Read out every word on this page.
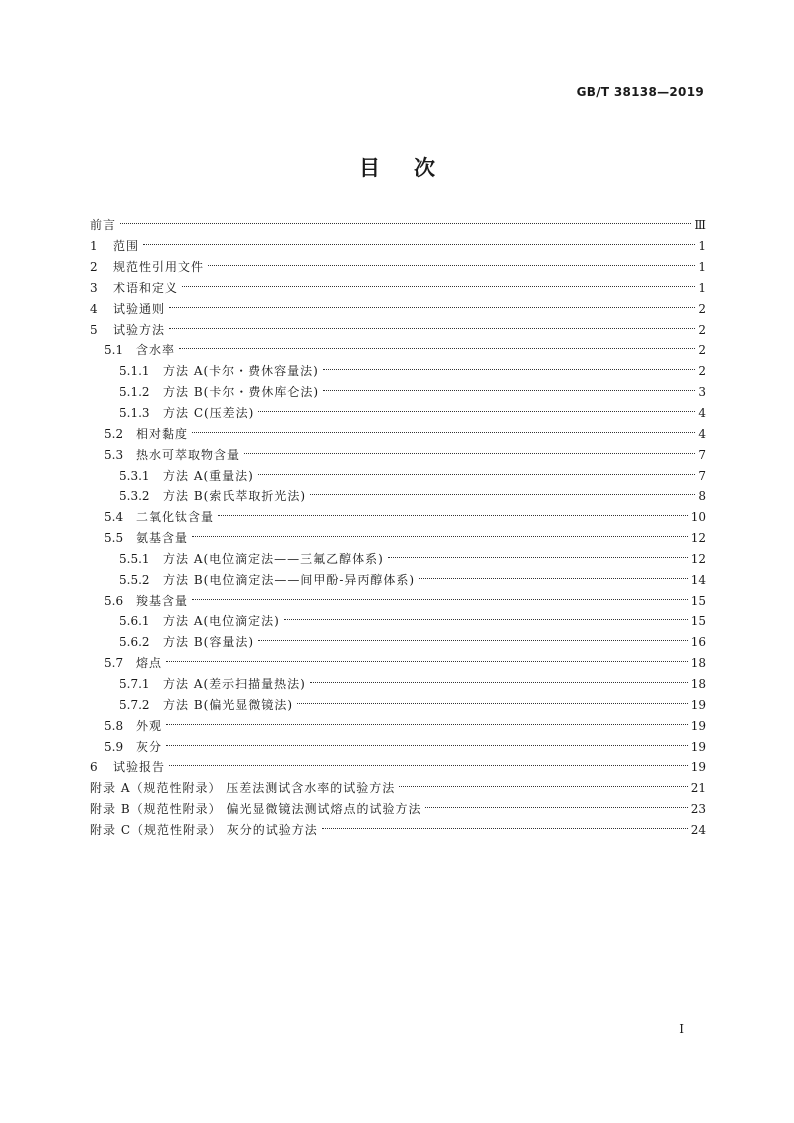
GB/T 38138—2019
目次
前言	Ⅲ
1	范围	1
2	规范性引用文件	1
3	术语和定义	1
4	试验通则	2
5	试验方法	2
5.1	含水率	2
5.1.1	方法 A(卡尔・费休容量法)	2
5.1.2	方法 B(卡尔・费休库仑法)	3
5.1.3	方法 C(压差法)	4
5.2	相对黏度	4
5.3	热水可萃取物含量	7
5.3.1	方法 A(重量法)	7
5.3.2	方法 B(索氏萃取折光法)	8
5.4	二氧化钛含量	10
5.5	氨基含量	12
5.5.1	方法 A(电位滴定法——三氟乙醇体系)	12
5.5.2	方法 B(电位滴定法——间甲酚-异丙醇体系)	14
5.6	羧基含量	15
5.6.1	方法 A(电位滴定法)	15
5.6.2	方法 B(容量法)	16
5.7	熔点	18
5.7.1	方法 A(差示扫描量热法)	18
5.7.2	方法 B(偏光显微镜法)	19
5.8	外观	19
5.9	灰分	19
6	试验报告	19
附录 A（规范性附录） 压差法测试含水率的试验方法	21
附录 B（规范性附录） 偏光显微镜法测试熔点的试验方法	23
附录 C（规范性附录） 灰分的试验方法	24
I
